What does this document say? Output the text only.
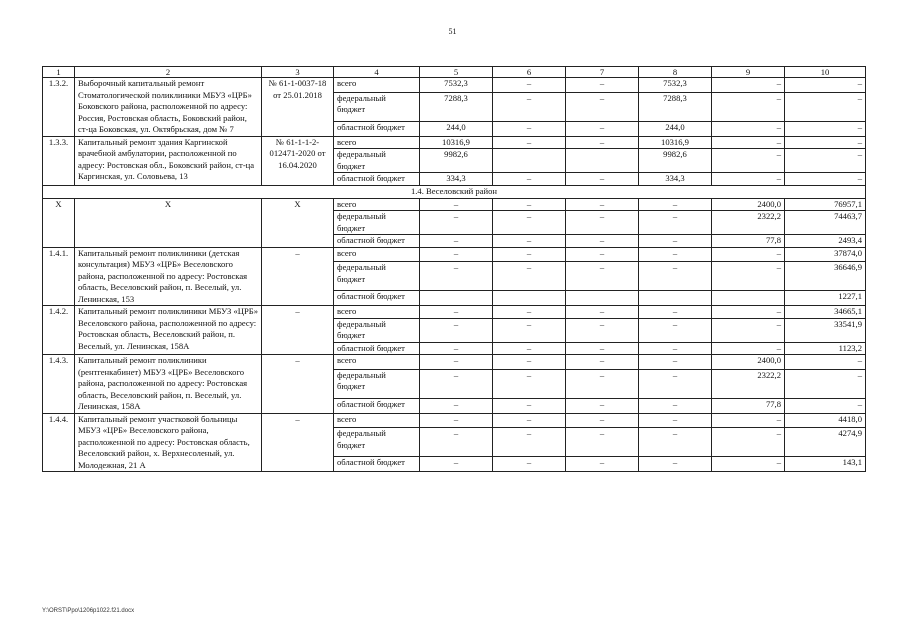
51
1	2	3	4	5	6	7	8	9	10
1.3.2.	Выборочный капитальный ремонт Стоматологической поликлиники МБУЗ «ЦРБ» Боковского района, расположенной по адресу: Россия, Ростовская область, Боковский район, ст-ца Боковская, ул. Октябрьская, дом № 7	№ 61-1-0037-18 от 25.01.2018	всего	7532,3	–	–	7532,3	–	–
			федеральный бюджет	7288,3	–	–	7288,3	–	–
			областной бюджет	244,0	–	–	244,0	–	–
1.3.3.	Капитальный ремонт здания Каргинской врачебной амбулатории, расположенной по адресу: Ростовская обл., Боковский район, ст-ца Каргинская, ул. Соловьева, 13	№ 61-1-1-2-012471-2020 от 16.04.2020	всего	10316,9	–	–	10316,9	–	–
			федеральный бюджет	9982,6			9982,6	–	–
			областной бюджет	334,3	–	–	334,3	–	–
1.4. Веселовский район									
Х	Х	Х	всего	–	–	–	–	2400,0	76957,1
			федеральный бюджет	–	–	–	–	2322,2	74463,7
			областной бюджет	–	–	–	–	77,8	2493,4
1.4.1.	Капитальный ремонт поликлиники (детская консультация) МБУЗ «ЦРБ» Веселовского района, расположенной по адресу: Ростовская область, Веселовский район, п. Веселый, ул. Ленинская, 153	–	всего	–	–	–	–	–	37874,0
			федеральный бюджет	–	–	–	–	–	36646,9
			областной бюджет						1227,1
1.4.2.	Капитальный ремонт поликлиники МБУЗ «ЦРБ» Веселовского района, расположенной по адресу: Ростовская область, Веселовский район, п. Веселый, ул. Ленинская, 158А	–	всего	–	–	–	–	–	34665,1
			федеральный бюджет	–	–	–	–	–	33541,9
			областной бюджет	–	–	–	–	–	1123,2
1.4.3.	Капитальный ремонт поликлиники (рентгенкабинет) МБУЗ «ЦРБ» Веселовского района, расположенной по адресу: Ростовская область, Веселовский район, п. Веселый, ул. Ленинская, 158А	–	всего	–	–	–	–	2400,0	–
			федеральный бюджет	–	–	–	–	2322,2	–
			областной бюджет	–	–	–	–	77,8	–
1.4.4.	Капитальный ремонт участковой больницы МБУЗ «ЦРБ» Веселовского района, расположенной по адресу: Ростовская область, Веселовский район, х. Верхнесоленый, ул. Молодежная, 21 А	–	всего	–	–	–	–	–	4418,0
			федеральный бюджет	–	–	–	–	–	4274,9
			областной бюджет	–	–	–	–	–	143,1
Y:\ORST\Ppo\1206p1022.f21.docx
